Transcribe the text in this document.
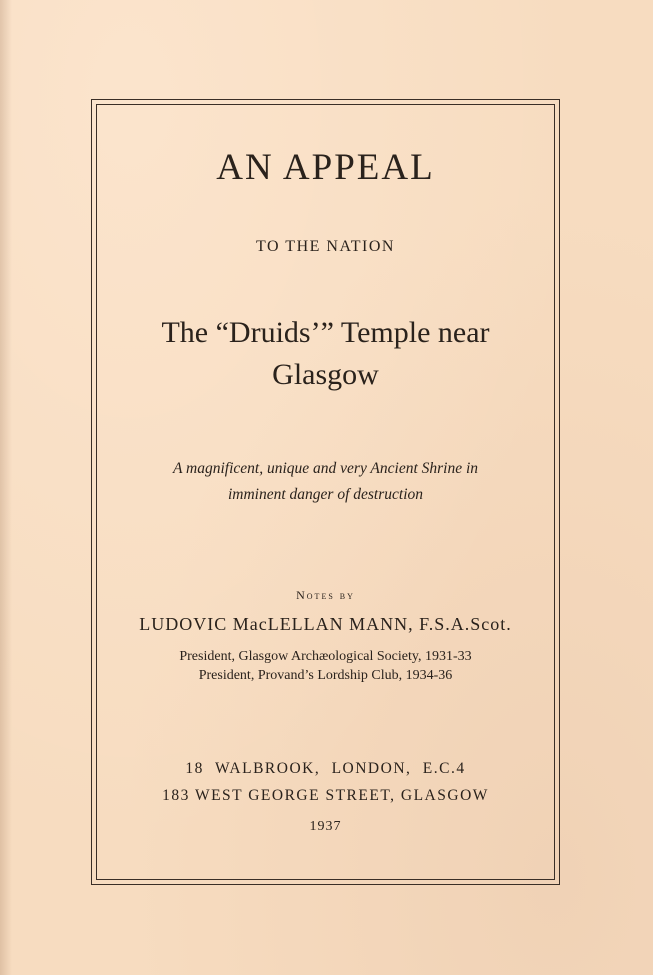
AN APPEAL
TO THE NATION
The “Druids’” Temple near
Glasgow
A magnificent, unique and very Ancient Shrine in
imminent danger of destruction
Notes by
LUDOVIC MacLELLAN MANN, F.S.A.Scot.
President, Glasgow Archæological Society, 1931-33
President, Provand’s Lordship Club, 1934-36
18 WALBROOK, LONDON, E.C.4
183 WEST GEORGE STREET, GLASGOW
1937
